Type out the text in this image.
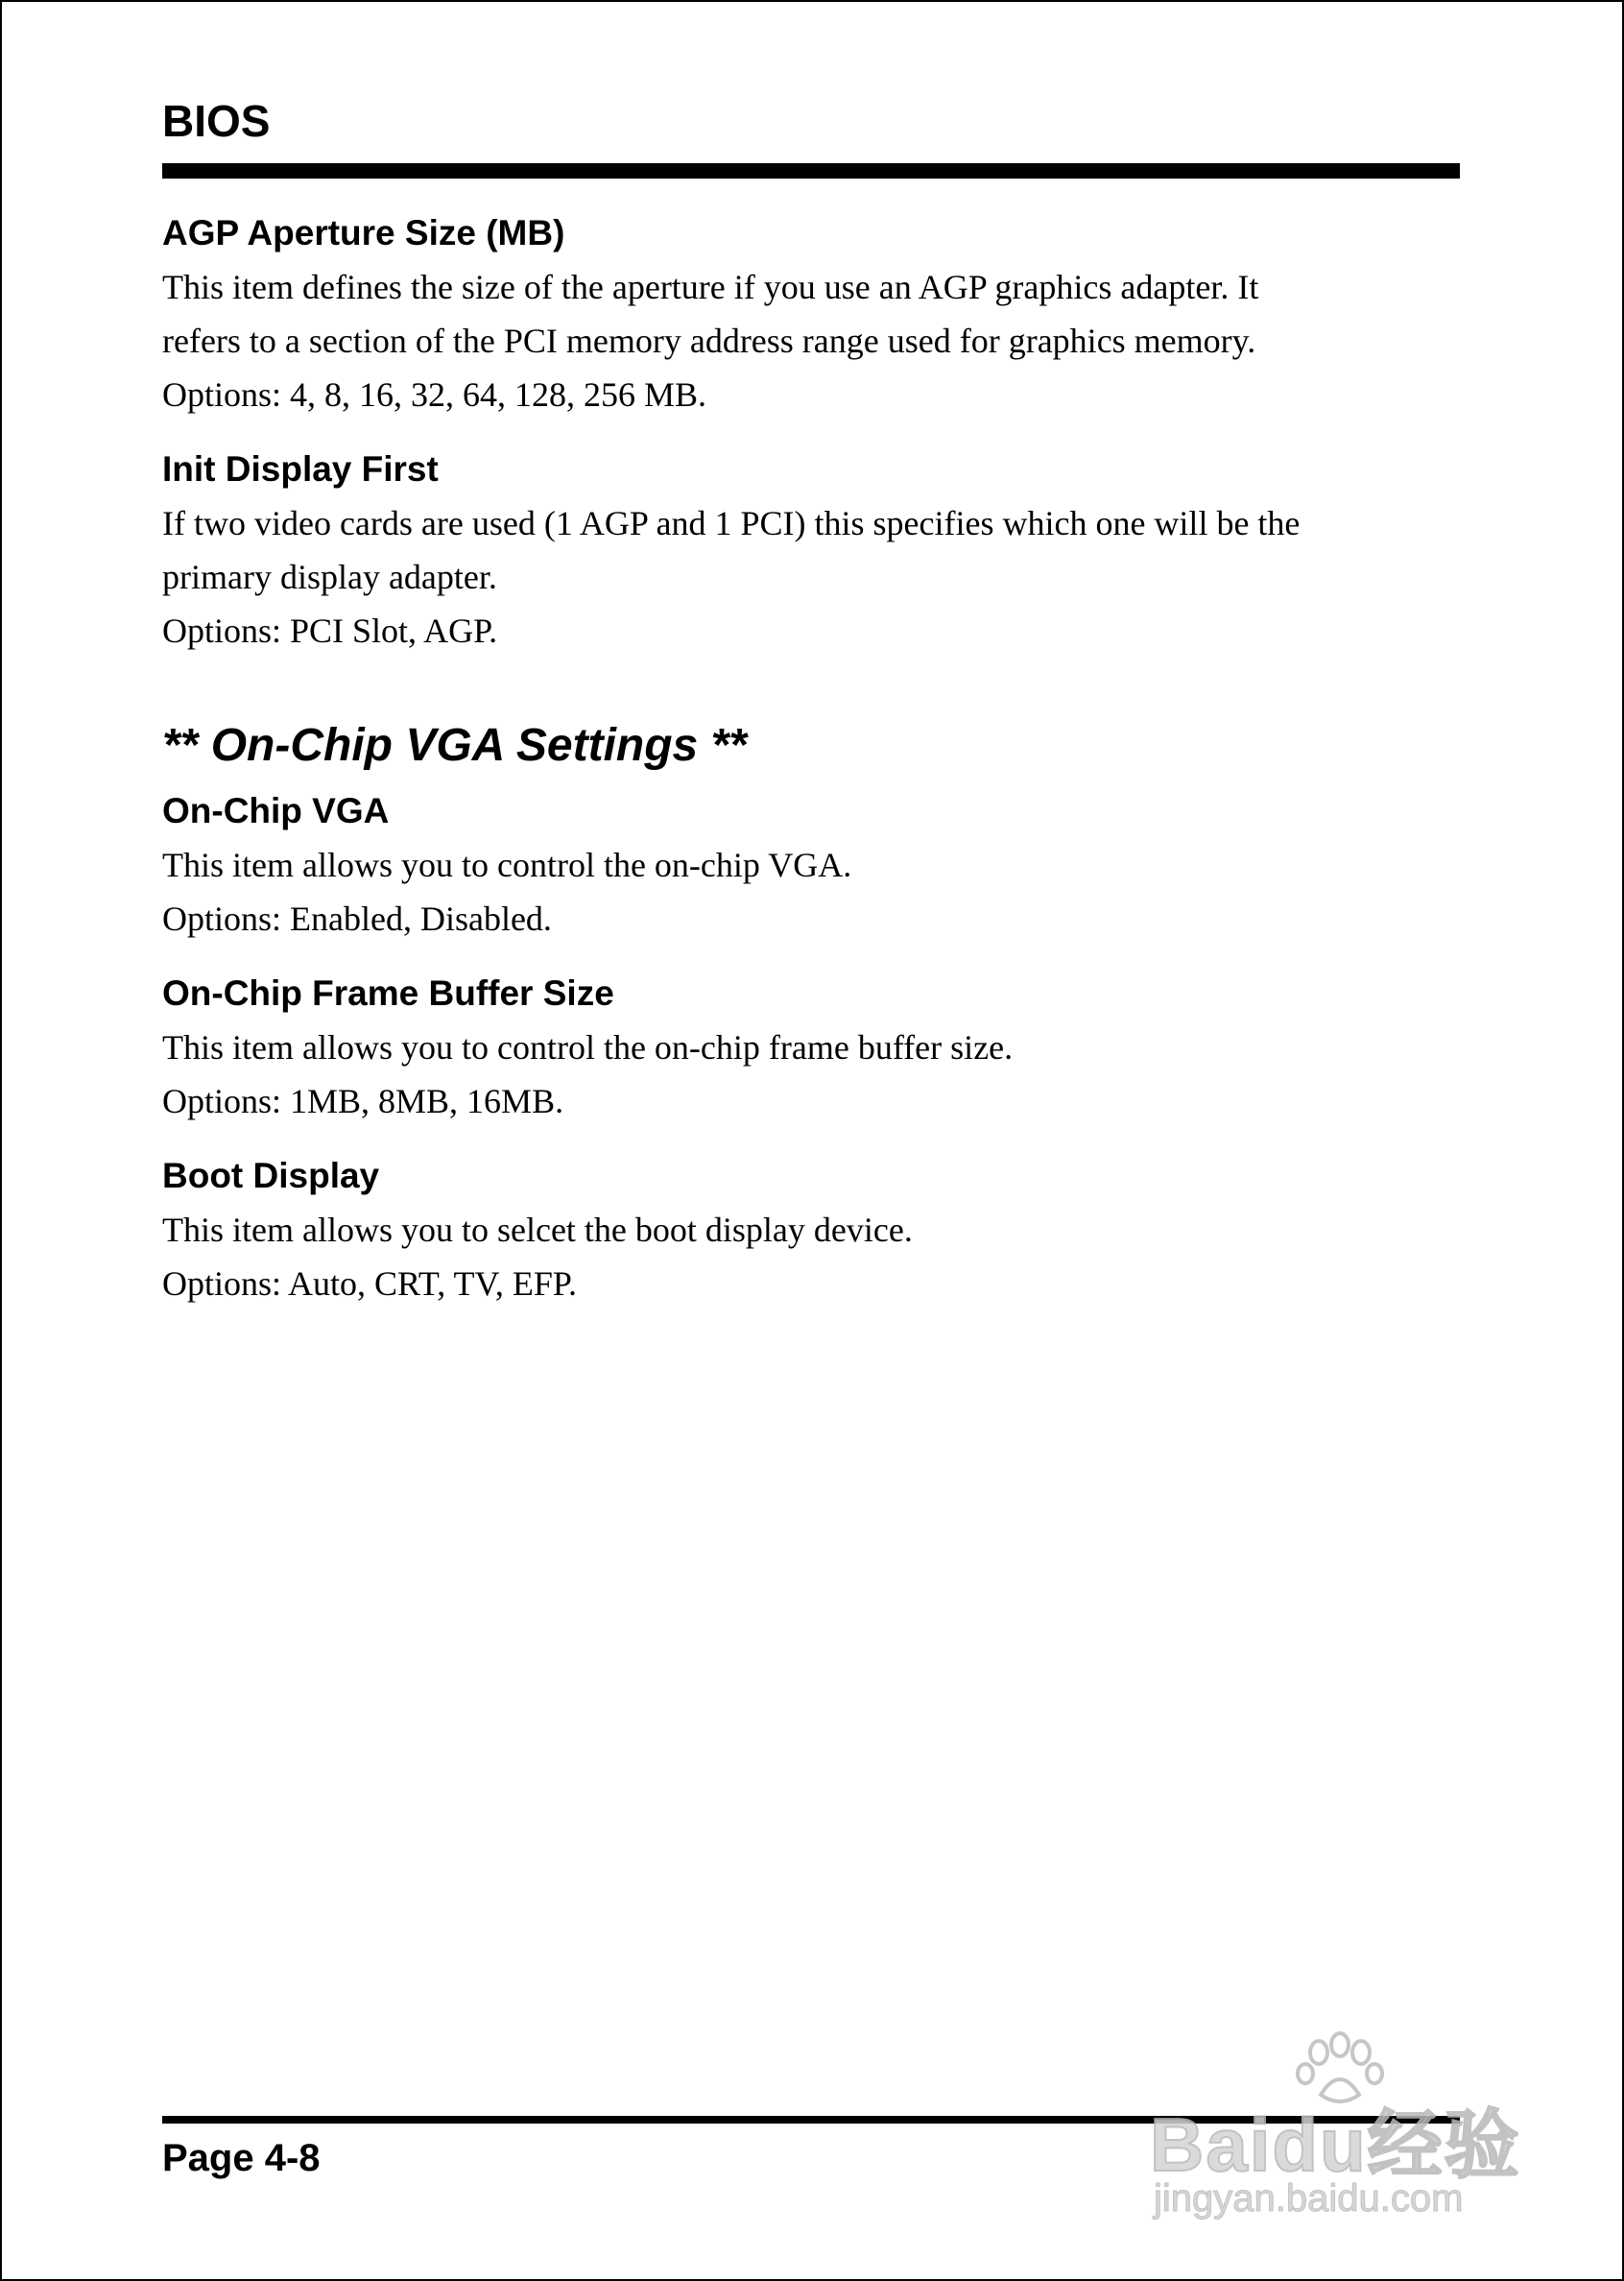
BIOS

AGP Aperture Size (MB)

This item defines the size of the aperture if you use an AGP graphics adapter. It

refers to a section of the PCI memory address range used for graphics memory.

Options: 4, 8, 16, 32, 64, 128, 256 MB.

Init Display First

If two video cards are used (1 AGP and 1 PCI) this specifies which one will be the

primary display adapter.

Options: PCI Slot, AGP.

** On-Chip VGA Settings **

On-Chip VGA

This item allows you to control the on-chip VGA.

Options: Enabled, Disabled.

On-Chip Frame Buffer Size

This item allows you to control the on-chip frame buffer size.

Options: 1MB, 8MB, 16MB.

Boot Display

This item allows you to selcet the boot display device.

Options: Auto, CRT, TV, EFP.

Page 4-8	Baidu经验
jingyan.baidu.com
